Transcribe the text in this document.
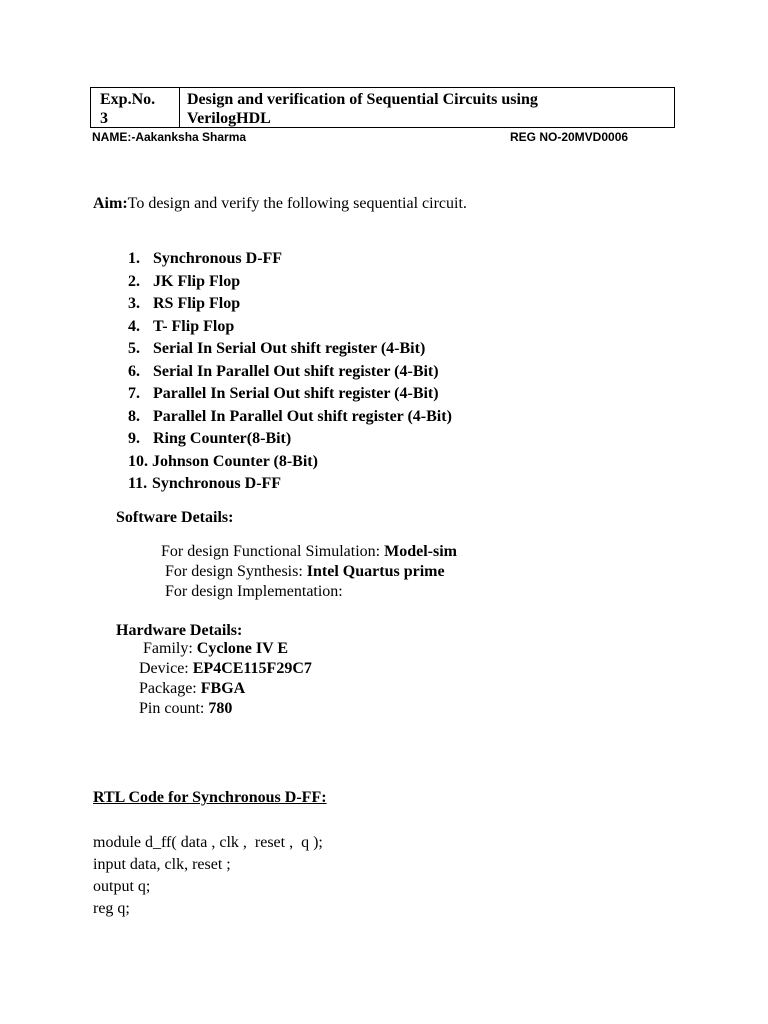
Exp.No.
3
Design and verification of Sequential Circuits using
VerilogHDL
NAME:-Aakanksha Sharma	REG NO-20MVD0006
Aim:To design and verify the following sequential circuit.
1. Synchronous D-FF
2. JK Flip Flop
3. RS Flip Flop
4. T- Flip Flop
5. Serial In Serial Out shift register (4-Bit)
6. Serial In Parallel Out shift register (4-Bit)
7. Parallel In Serial Out shift register (4-Bit)
8. Parallel In Parallel Out shift register (4-Bit)
9. Ring Counter(8-Bit)
10. Johnson Counter (8-Bit)
11. Synchronous D-FF
Software Details:
For design Functional Simulation: Model-sim
For design Synthesis: Intel Quartus prime
For design Implementation:
Hardware Details:
Family: Cyclone IV E
Device: EP4CE115F29C7
Package: FBGA
Pin count: 780
RTL Code for Synchronous D-FF:
module d_ff( data , clk ,  reset ,  q );
input data, clk, reset ;
output q;
reg q;
